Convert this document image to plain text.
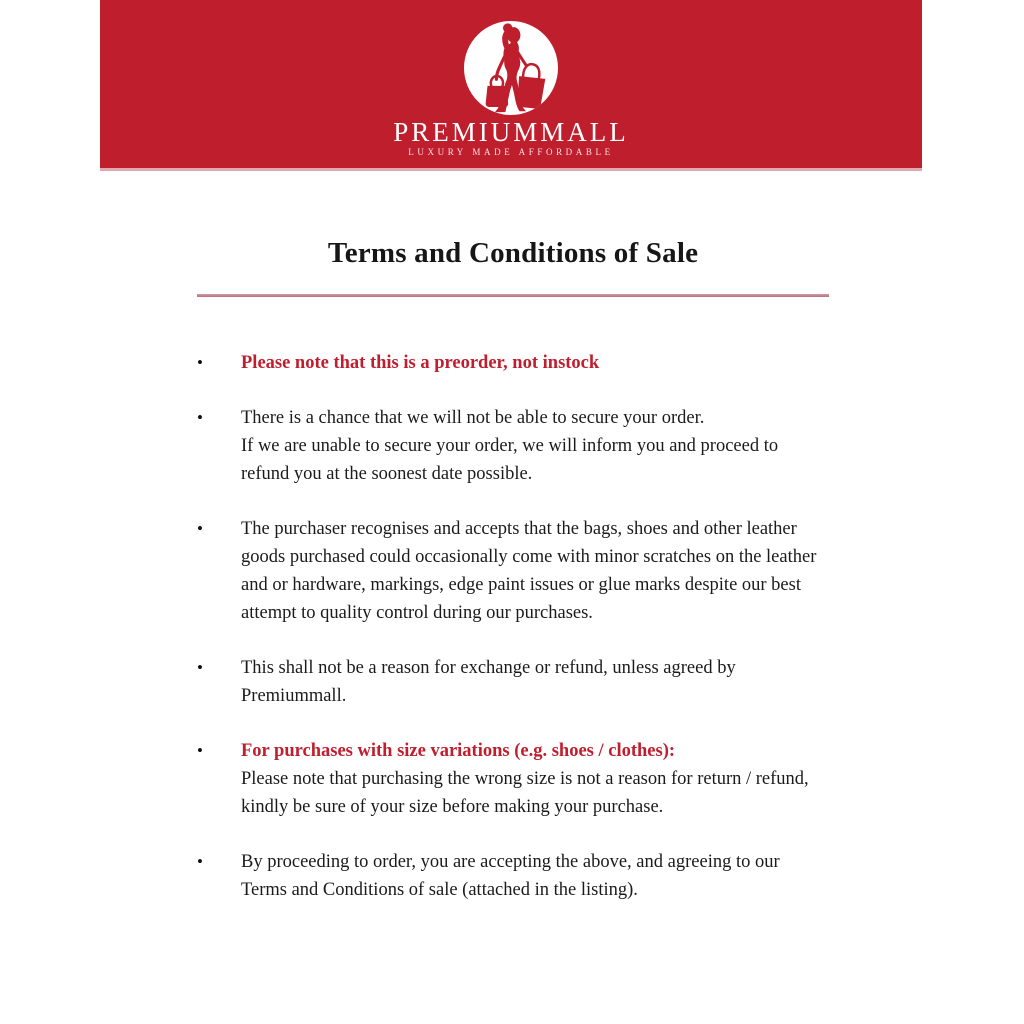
PREMIUMMALL
LUXURY MADE AFFORDABLE
Terms and Conditions of Sale
•	Please note that this is a preorder, not instock
•	There is a chance that we will not be able to secure your order.
If we are unable to secure your order, we will inform you and proceed to refund you at the soonest date possible.
•	The purchaser recognises and accepts that the bags, shoes and other leather goods purchased could occasionally come with minor scratches on the leather and or hardware, markings, edge paint issues or glue marks despite our best attempt to quality control during our purchases.
•	This shall not be a reason for exchange or refund, unless agreed by Premiummall.
•	For purchases with size variations (e.g. shoes / clothes):
Please note that purchasing the wrong size is not a reason for return / refund, kindly be sure of your size before making your purchase.
•	By proceeding to order, you are accepting the above, and agreeing to our Terms and Conditions of sale (attached in the listing).
